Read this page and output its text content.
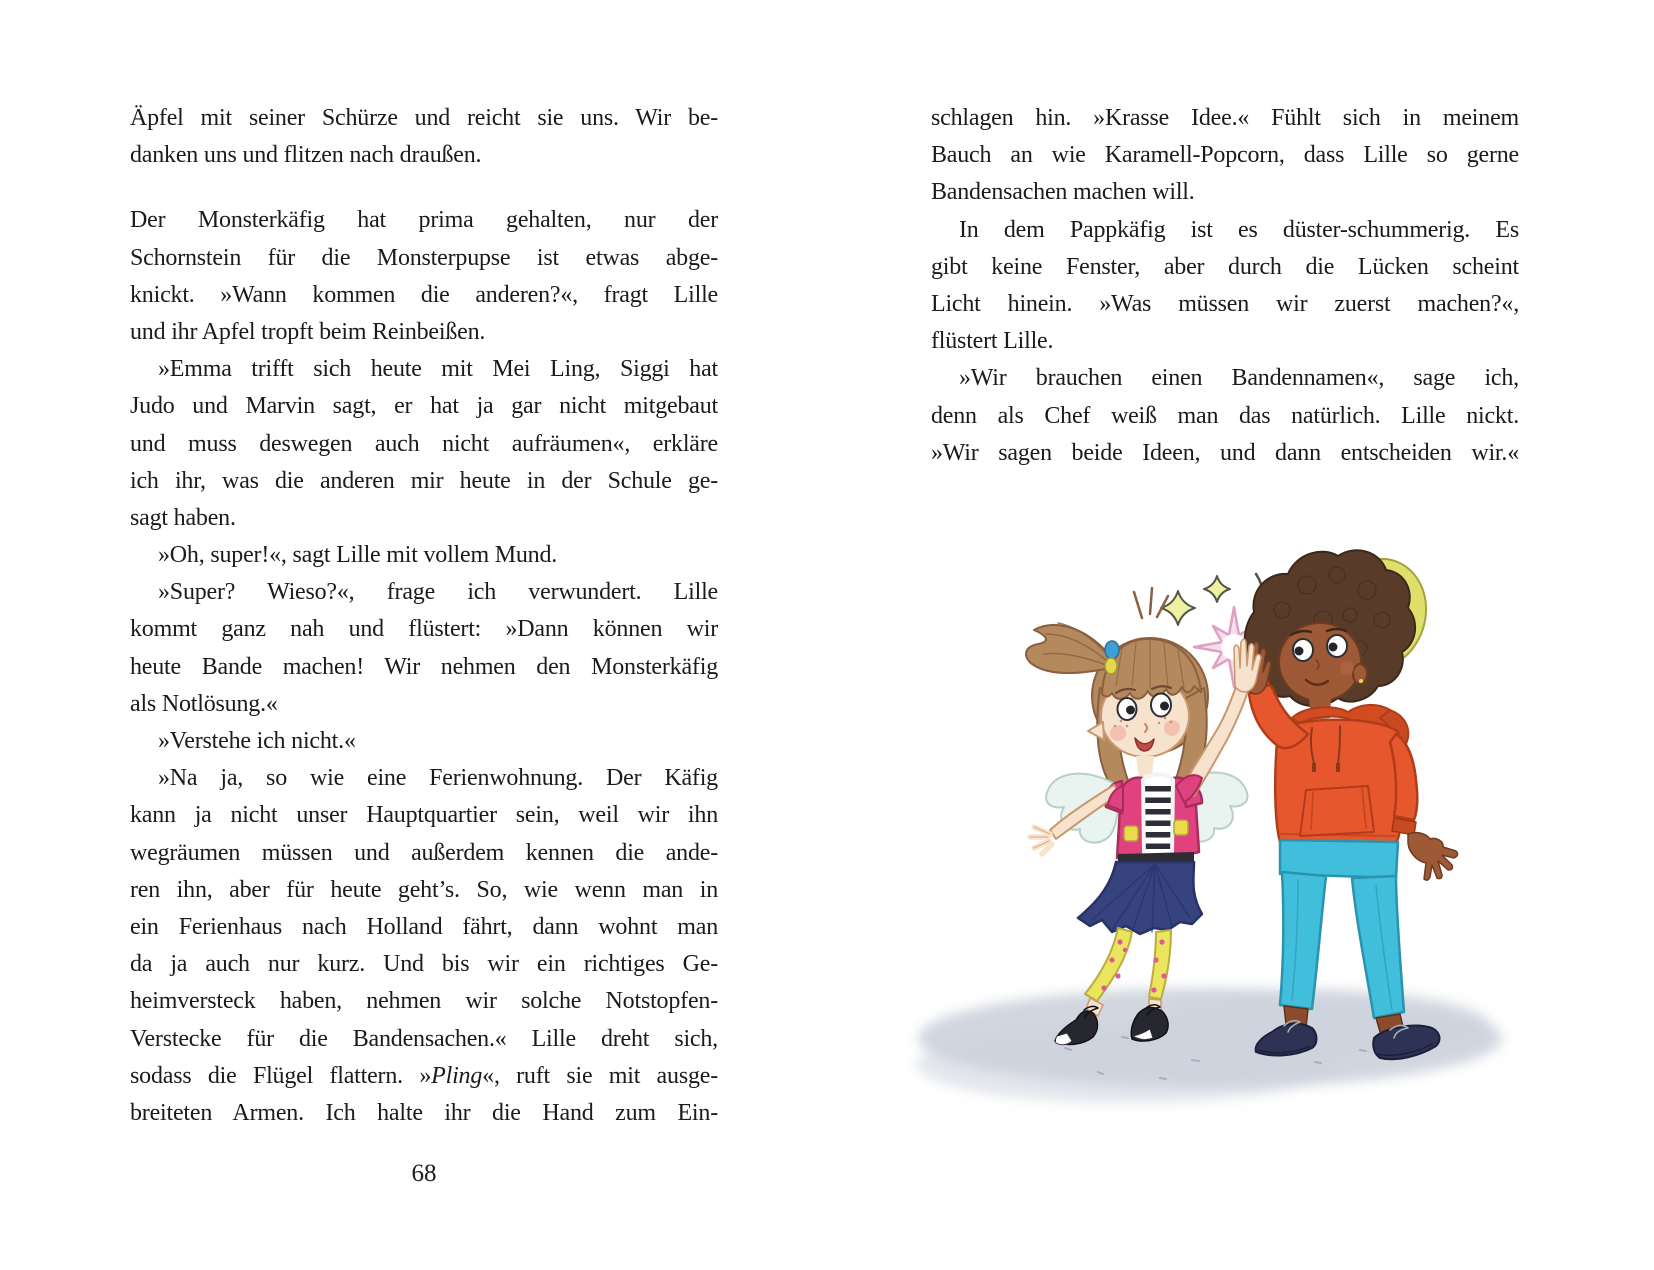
Äpfel mit seiner Schürze und reicht sie uns. Wir be-
danken uns und flitzen nach draußen.
Der Monsterkäfig hat prima gehalten, nur der
Schornstein für die Monsterpupse ist etwas abge-
knickt. »Wann kommen die anderen?«, fragt Lille
und ihr Apfel tropft beim Reinbeißen.
»Emma trifft sich heute mit Mei Ling, Siggi hat
Judo und Marvin sagt, er hat ja gar nicht mitgebaut
und muss deswegen auch nicht aufräumen«, erkläre
ich ihr, was die anderen mir heute in der Schule ge-
sagt haben.
»Oh, super!«, sagt Lille mit vollem Mund.
»Super? Wieso?«, frage ich verwundert. Lille
kommt ganz nah und flüstert: »Dann können wir
heute Bande machen! Wir nehmen den Monsterkäfig
als Notlösung.«
»Verstehe ich nicht.«
»Na ja, so wie eine Ferienwohnung. Der Käfig
kann ja nicht unser Hauptquartier sein, weil wir ihn
wegräumen müssen und außerdem kennen die ande-
ren ihn, aber für heute geht’s. So, wie wenn man in
ein Ferienhaus nach Holland fährt, dann wohnt man
da ja auch nur kurz. Und bis wir ein richtiges Ge-
heimversteck haben, nehmen wir solche Notstopfen-
Verstecke für die Bandensachen.« Lille dreht sich,
sodass die Flügel flattern. »Pling«, ruft sie mit ausge-
breiteten Armen. Ich halte ihr die Hand zum Ein-
schlagen hin. »Krasse Idee.« Fühlt sich in meinem
Bauch an wie Karamell-Popcorn, dass Lille so gerne
Bandensachen machen will.
In dem Pappkäfig ist es düster-schummerig. Es
gibt keine Fenster, aber durch die Lücken scheint
Licht hinein. »Was müssen wir zuerst machen?«,
flüstert Lille.
»Wir brauchen einen Bandennamen«, sage ich,
denn als Chef weiß man das natürlich. Lille nickt.
»Wir sagen beide Ideen, und dann entscheiden wir.«
68
